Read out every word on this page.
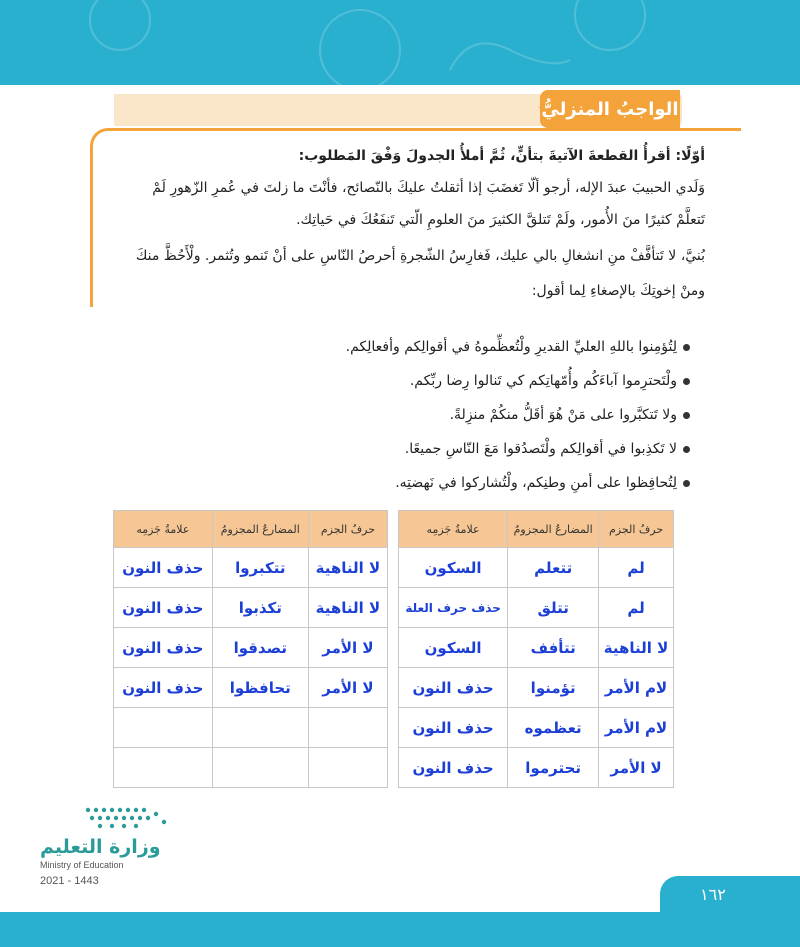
الواجبُ المنزليُّ
أوّلًا: أقرأُ القطعةَ الآتيةَ بتأنٍّ، ثُمَّ أملأُ الجدولَ وَفْقَ المَطلوب:
وَلَدي الحبيبَ عبدَ الإله، أرجو ألّا تَغضَبَ إذا أثقلتُ عليكَ بالنّصائح، فأنْتَ ما زلتَ في عُمرِ الزّهورِ لَمْ
تَتعلَّمْ كثيرًا منَ الأُمور، ولَمْ تَتلقَّ الكثيرَ منَ العلومِ الّتي تَنفَعُكَ في حَياتِك.
بُنيَّ، لا تَتأفَّفْ منِ انشغالِ بالي عليك، فَغارِسُ الشّجرةِ أحرصُ النّاسِ على أنْ تَنمو وتُثمر. ولْأَحُظَّ منكَ
ومنْ إخوتِكَ بالإصغاءِ لِما أقول:
لِتُؤمِنوا باللهِ العليِّ القديرِ ولْتُعظِّموهُ في أقوالِكم وأفعالِكم.
ولْتَحترِموا آباءَكُم وأُمّهاتِكم كي تَنالوا رِضا ربِّكم.
ولا تَتكبَّروا على مَنْ هُوَ أقَلُّ منكُمْ منزِلةً.
لا تَكذِبوا في أقوالِكم ولْتَصدُقوا مَعَ النّاسِ جميعًا.
لِتُحافِظوا على أمنِ وطنِكم، ولْتُشاركوا في نَهضتِه.
حرفُ الجزم	المضارعُ المجزومُ	علامةُ جَزمِه
لم	تتعلم	السكون
لم	تتلق	حذف حرف العلة
لا الناهية	تتأفف	السكون
لام الأمر	تؤمنوا	حذف النون
لام الأمر	تعظموه	حذف النون
لا الأمر	تحترموا	حذف النون
حرفُ الجزم	المضارعُ المجزومُ	علامةُ جَزمِه
لا الناهية	تتكبروا	حذف النون
لا الناهية	تكذبوا	حذف النون
لا الأمر	تصدقوا	حذف النون
لا الأمر	تحافظوا	حذف النون

وزارة التعليم
Ministry of Education
2021 - 1443
١٦٢
